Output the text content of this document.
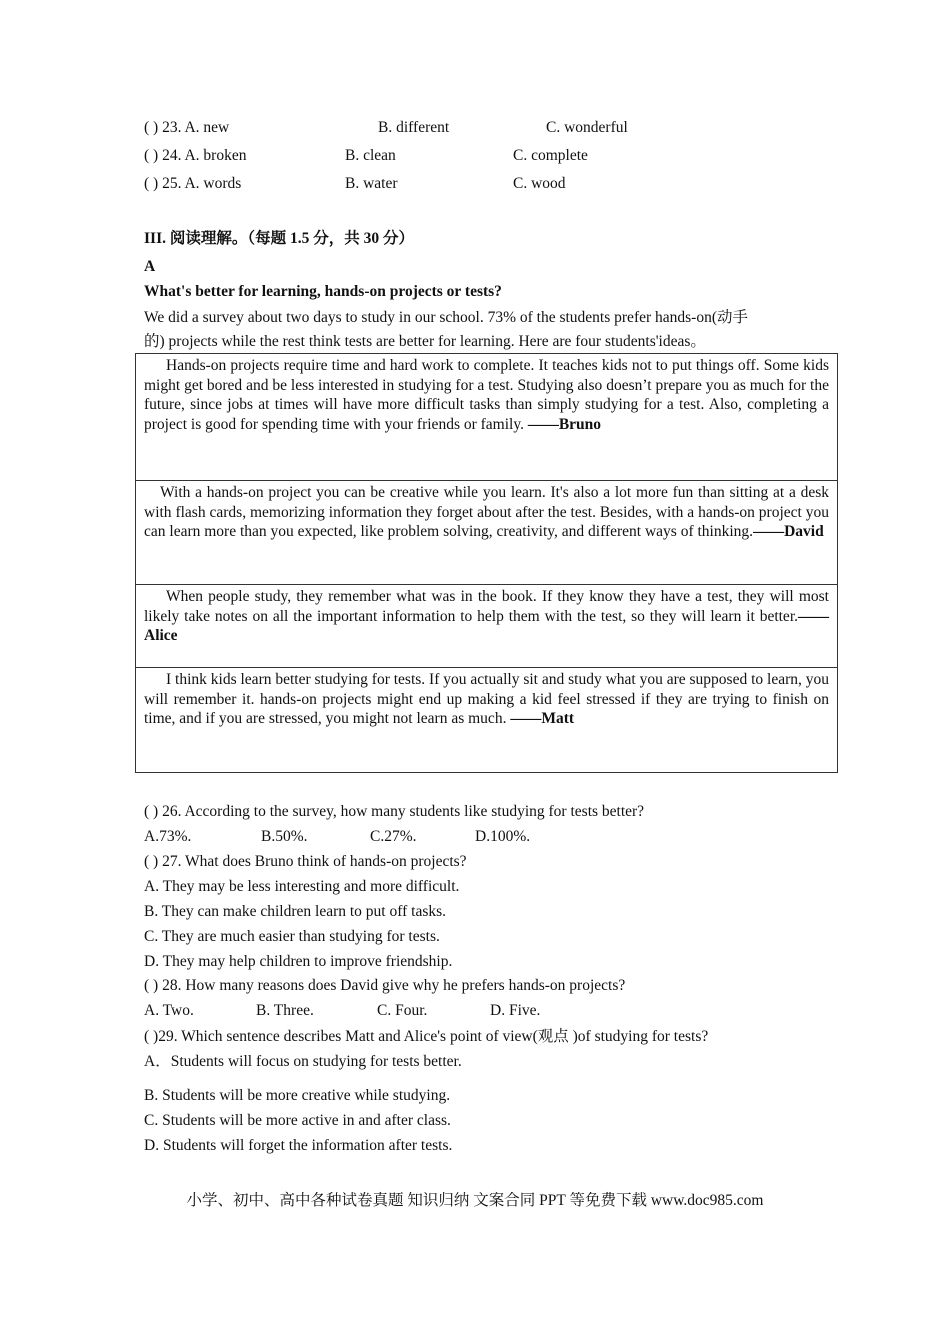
( ) 23. A. new	B. different	C. wonderful
( ) 24. A. broken	B. clean	C. complete
( ) 25. A. words	B. water	C. wood
III. 阅读理解。（每题 1.5 分，共 30 分）
A
What's better for learning, hands-on projects or tests?
We did a survey about two days to study in our school. 73% of the students prefer hands-on(动手
的) projects while the rest think tests are better for learning. Here are four students'ideas。

Hands-on projects require time and hard work to complete. It teaches kids not to put things off. Some kids might get bored and be less interested in studying for a test. Studying also doesn’t prepare you as much for the future, since jobs at times will have more difficult tasks than simply studying for a test. Also, completing a project is good for spending time with your friends or family. ——Bruno

With a hands-on project you can be creative while you learn. It's also a lot more fun than sitting at a desk with flash cards, memorizing information they forget about after the test. Besides, with a hands-on project you can learn more than you expected, like problem solving, creativity, and different ways of thinking.——David

When people study, they remember what was in the book. If they know they have a test, they will most likely take notes on all the important information to help them with the test, so they will learn it better.——Alice

I think kids learn better studying for tests. If you actually sit and study what you are supposed to learn, you will remember it. hands-on projects might end up making a kid feel stressed if they are trying to finish on time, and if you are stressed, you might not learn as much. ——Matt

( ) 26. According to the survey, how many students like studying for tests better?
A.73%.	B.50%.	C.27%.	D.100%.
( ) 27. What does Bruno think of hands-on projects?
A. They may be less interesting and more difficult.
B. They can make children learn to put off tasks.
C. They are much easier than studying for tests.
D. They may help children to improve friendship.
( ) 28. How many reasons does David give why he prefers hands-on projects?
A. Two.	B. Three.	C. Four.	D. Five.
( )29. Which sentence describes Matt and Alice's point of view(观点 )of studying for tests?
A．Students will focus on studying for tests better.
B. Students will be more creative while studying.
C. Students will be more active in and after class.
D. Students will forget the information after tests.
小学、初中、高中各种试卷真题 知识归纳 文案合同 PPT 等免费下载 www.doc985.com
